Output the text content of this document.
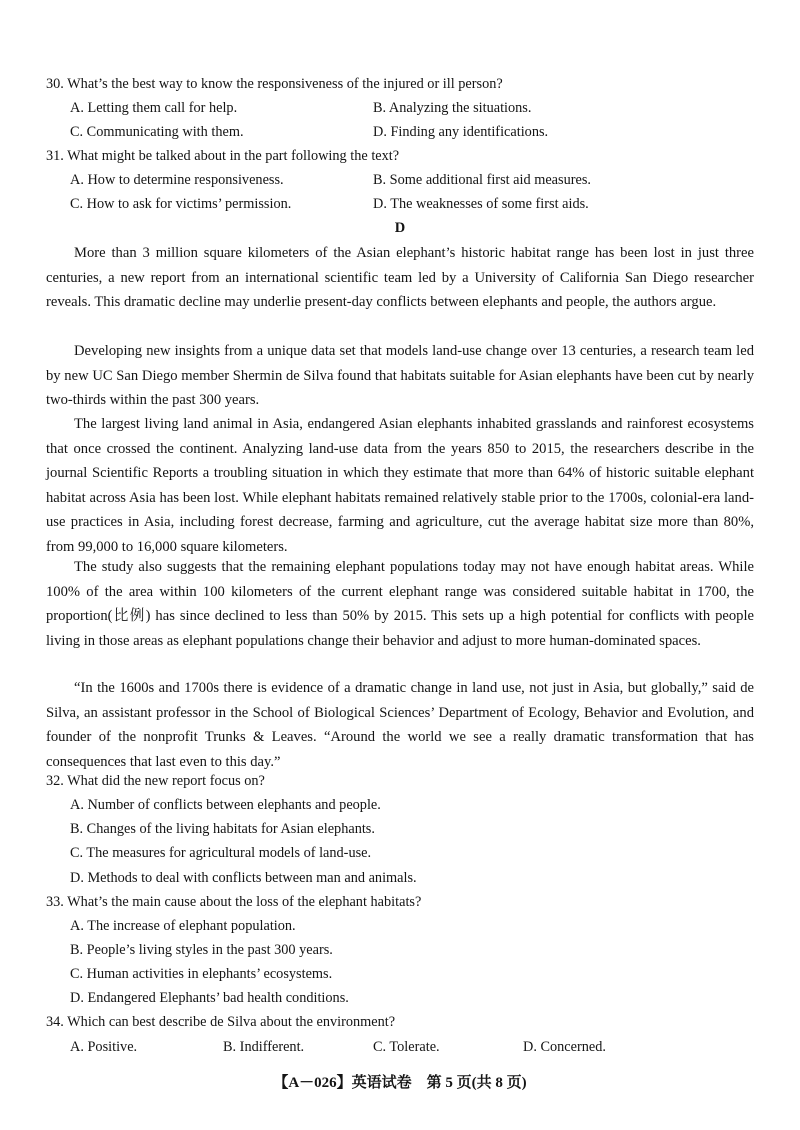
30. What’s the best way to know the responsiveness of the injured or ill person?
A. Letting them call for help.	B. Analyzing the situations.
C. Communicating with them.	D. Finding any identifications.
31. What might be talked about in the part following the text?
A. How to determine responsiveness.	B. Some additional first aid measures.
C. How to ask for victims’ permission.	D. The weaknesses of some first aids.
D
More than 3 million square kilometers of the Asian elephant’s historic habitat range has been lost in just three centuries, a new report from an international scientific team led by a University of California San Diego researcher reveals. This dramatic decline may underlie present-day conflicts between elephants and people, the authors argue.
Developing new insights from a unique data set that models land-use change over 13 centuries, a research team led by new UC San Diego member Shermin de Silva found that habitats suitable for Asian elephants have been cut by nearly two-thirds within the past 300 years.
The largest living land animal in Asia, endangered Asian elephants inhabited grasslands and rainforest ecosystems that once crossed the continent. Analyzing land-use data from the years 850 to 2015, the researchers describe in the journal Scientific Reports a troubling situation in which they estimate that more than 64% of historic suitable elephant habitat across Asia has been lost. While elephant habitats remained relatively stable prior to the 1700s, colonial-era land-use practices in Asia, including forest decrease, farming and agriculture, cut the average habitat size more than 80%, from 99,000 to 16,000 square kilometers.
The study also suggests that the remaining elephant populations today may not have enough habitat areas. While 100% of the area within 100 kilometers of the current elephant range was considered suitable habitat in 1700, the proportion(比例) has since declined to less than 50% by 2015. This sets up a high potential for conflicts with people living in those areas as elephant populations change their behavior and adjust to more human-dominated spaces.
“In the 1600s and 1700s there is evidence of a dramatic change in land use, not just in Asia, but globally,” said de Silva, an assistant professor in the School of Biological Sciences’ Department of Ecology, Behavior and Evolution, and founder of the nonprofit Trunks & Leaves. “Around the world we see a really dramatic transformation that has consequences that last even to this day.”
32. What did the new report focus on?
A. Number of conflicts between elephants and people.
B. Changes of the living habitats for Asian elephants.
C. The measures for agricultural models of land-use.
D. Methods to deal with conflicts between man and animals.
33. What’s the main cause about the loss of the elephant habitats?
A. The increase of elephant population.
B. People’s living styles in the past 300 years.
C. Human activities in elephants’ ecosystems.
D. Endangered Elephants’ bad health conditions.
34. Which can best describe de Silva about the environment?
A. Positive.	B. Indifferent.	C. Tolerate.	D. Concerned.
【A－026】英语试卷　第 5 页(共 8 页)
